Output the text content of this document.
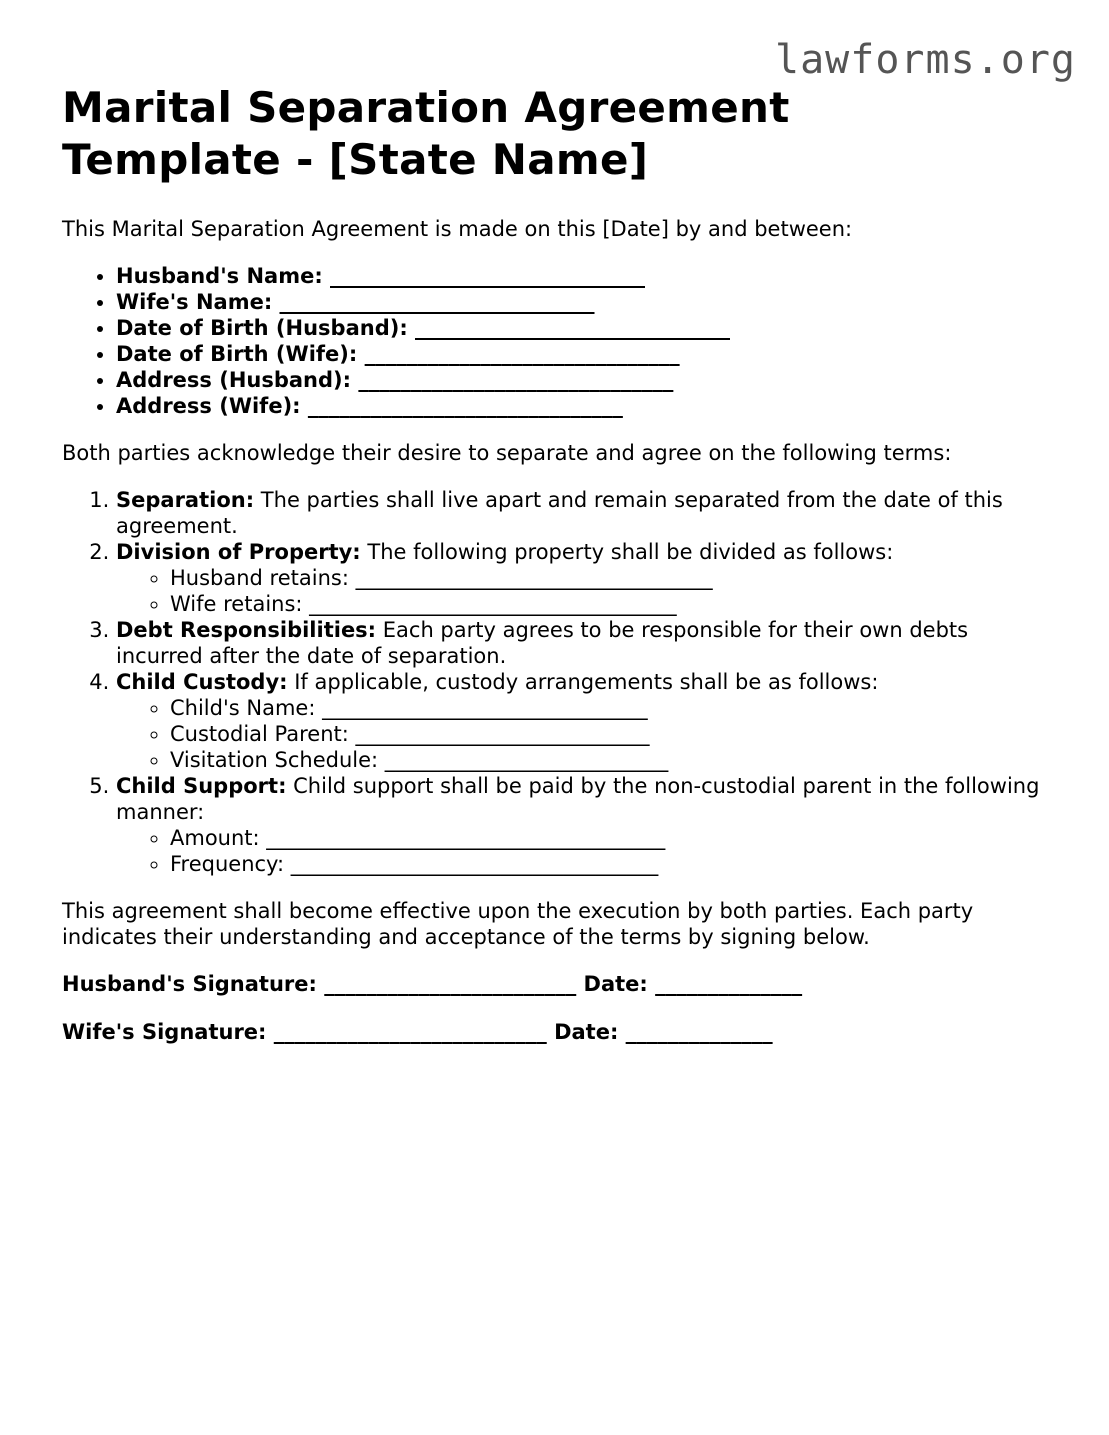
lawforms.org
Marital Separation Agreement
Template - [State Name]

This Marital Separation Agreement is made on this [Date] by and between:

• Husband's Name: ______________________________
• Wife's Name: ______________________________
• Date of Birth (Husband): ______________________________
• Date of Birth (Wife): ______________________________
• Address (Husband): ______________________________
• Address (Wife): ______________________________

Both parties acknowledge their desire to separate and agree on the following terms:

1. Separation: The parties shall live apart and remain separated from the date of this agreement.
2. Division of Property: The following property shall be divided as follows:
◦ Husband retains: __________________________________
◦ Wife retains: ___________________________________
3. Debt Responsibilities: Each party agrees to be responsible for their own debts incurred after the date of separation.
4. Child Custody: If applicable, custody arrangements shall be as follows:
◦ Child's Name: _______________________________
◦ Custodial Parent: ____________________________
◦ Visitation Schedule: ___________________________
5. Child Support: Child support shall be paid by the non-custodial parent in the following manner:
◦ Amount: ______________________________________
◦ Frequency: ___________________________________

This agreement shall become effective upon the execution by both parties. Each party indicates their understanding and acceptance of the terms by signing below.

Husband's Signature: ________________________ Date: ______________

Wife's Signature: __________________________ Date: ______________
